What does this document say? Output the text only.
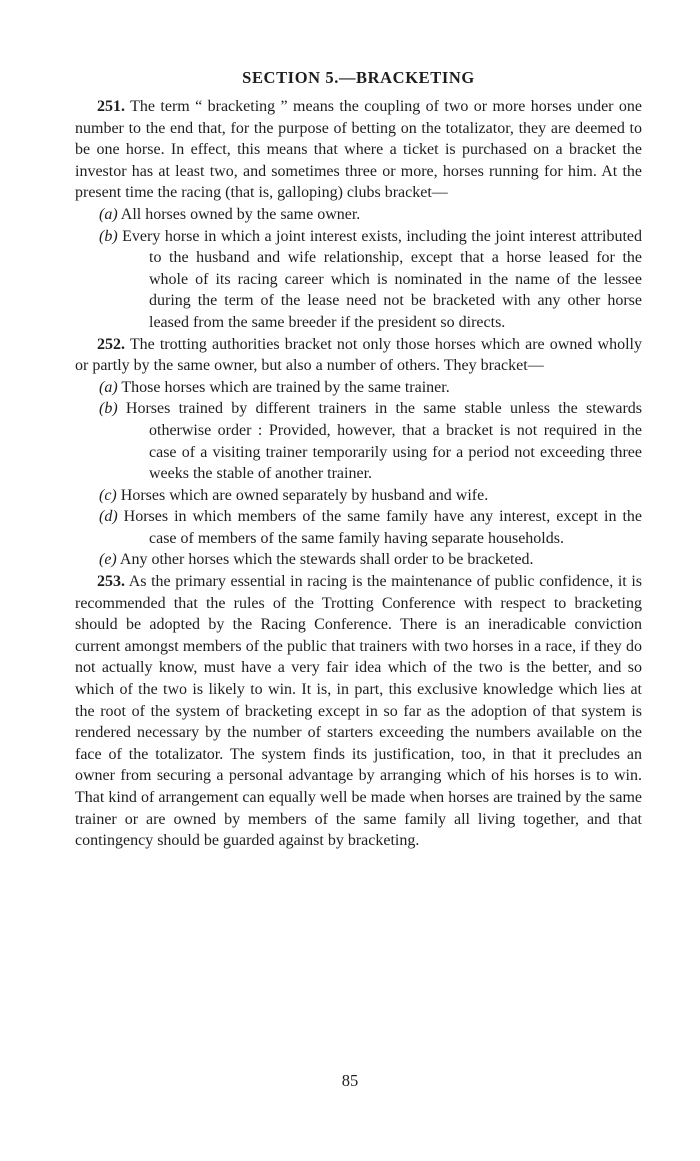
SECTION 5.—BRACKETING

251. The term “ bracketing ” means the coupling of two or more horses under one number to the end that, for the purpose of betting on the totalizator, they are deemed to be one horse. In effect, this means that where a ticket is purchased on a bracket the investor has at least two, and sometimes three or more, horses running for him. At the present time the racing (that is, galloping) clubs bracket—

(a) All horses owned by the same owner.
(b) Every horse in which a joint interest exists, including the joint interest attributed to the husband and wife relationship, except that a horse leased for the whole of its racing career which is nominated in the name of the lessee during the term of the lease need not be bracketed with any other horse leased from the same breeder if the president so directs.

252. The trotting authorities bracket not only those horses which are owned wholly or partly by the same owner, but also a number of others. They bracket—

(a) Those horses which are trained by the same trainer.
(b) Horses trained by different trainers in the same stable unless the stewards otherwise order : Provided, however, that a bracket is not required in the case of a visiting trainer temporarily using for a period not exceeding three weeks the stable of another trainer.
(c) Horses which are owned separately by husband and wife.
(d) Horses in which members of the same family have any interest, except in the case of members of the same family having separate households.
(e) Any other horses which the stewards shall order to be bracketed.

253. As the primary essential in racing is the maintenance of public confidence, it is recommended that the rules of the Trotting Conference with respect to bracketing should be adopted by the Racing Conference. There is an ineradicable conviction current amongst members of the public that trainers with two horses in a race, if they do not actually know, must have a very fair idea which of the two is the better, and so which of the two is likely to win. It is, in part, this exclusive knowledge which lies at the root of the system of bracketing except in so far as the adoption of that system is rendered necessary by the number of starters exceeding the numbers available on the face of the totalizator. The system finds its justification, too, in that it precludes an owner from securing a personal advantage by arranging which of his horses is to win. That kind of arrangement can equally well be made when horses are trained by the same trainer or are owned by members of the same family all living together, and that contingency should be guarded against by bracketing.

85
